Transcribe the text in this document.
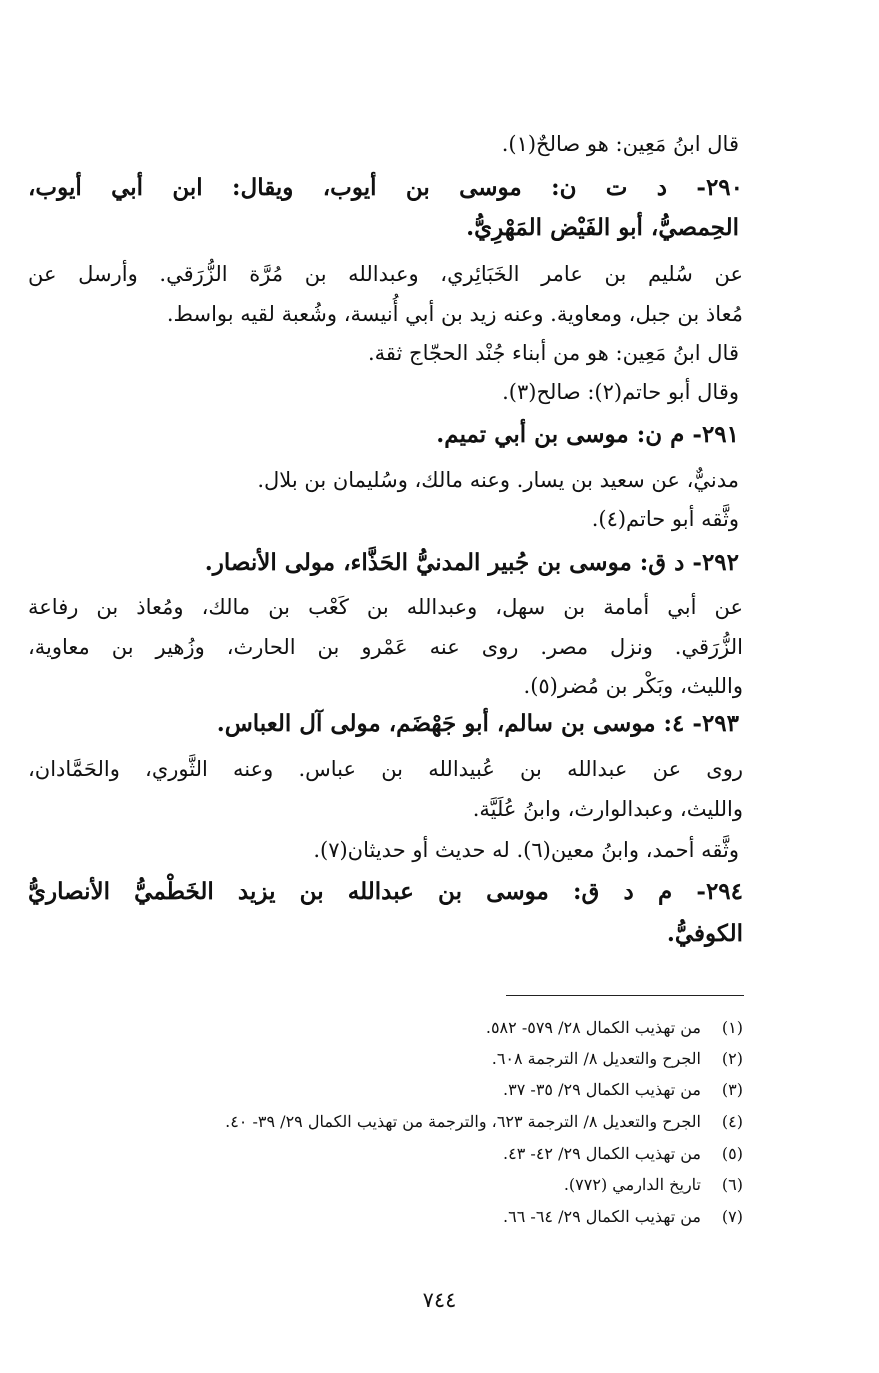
قال ابنُ مَعِين: هو صالحٌ(١).
٢٩٠- د ت ن: موسى بن أيوب، ويقال: ابن أبي أيوب،
الحِمصيُّ، أبو الفَيْض المَهْرِيُّ.
عن سُليم بن عامر الخَبَائِري، وعبدالله بن مُرَّة الزُّرَقي. وأرسل عن
مُعاذ بن جبل، ومعاوية. وعنه زيد بن أبي أُنيسة، وشُعبة لقيه بواسط.
قال ابنُ مَعِين: هو من أبناء جُنْد الحجّاج ثقة.
وقال أبو حاتم(٢): صالح(٣).
٢٩١- م ن: موسى بن أبي تميم.
مدنيٌّ، عن سعيد بن يسار. وعنه مالك، وسُليمان بن بلال.
وثَّقه أبو حاتم(٤).
٢٩٢- د ق: موسى بن جُبير المدنيُّ الحَذَّاء، مولى الأنصار.
عن أبي أمامة بن سهل، وعبدالله بن كَعْب بن مالك، ومُعاذ بن رفاعة
الزُّرَقي. ونزل مصر. روى عنه عَمْرو بن الحارث، وزُهير بن معاوية،
والليث، وبَكْر بن مُضر(٥).
٢٩٣- ٤: موسى بن سالم، أبو جَهْضَم، مولى آل العباس.
روى عن عبدالله بن عُبيدالله بن عباس. وعنه الثَّوري، والحَمَّادان،
والليث، وعبدالوارث، وابنُ عُلَيَّة.
وثَّقه أحمد، وابنُ معين(٦). له حديث أو حديثان(٧).
٢٩٤- م د ق: موسى بن عبدالله بن يزيد الخَطْميُّ الأنصاريُّ
الكوفيُّ.
(١)من تهذيب الكمال ٢٨/ ٥٧٩- ٥٨٢.
(٢)الجرح والتعديل ٨/ الترجمة ٦٠٨.
(٣)من تهذيب الكمال ٢٩/ ٣٥- ٣٧.
(٤)الجرح والتعديل ٨/ الترجمة ٦٢٣، والترجمة من تهذيب الكمال ٢٩/ ٣٩- ٤٠.
(٥)من تهذيب الكمال ٢٩/ ٤٢- ٤٣.
(٦)تاريخ الدارمي (٧٧٢).
(٧)من تهذيب الكمال ٢٩/ ٦٤- ٦٦.
٧٤٤
